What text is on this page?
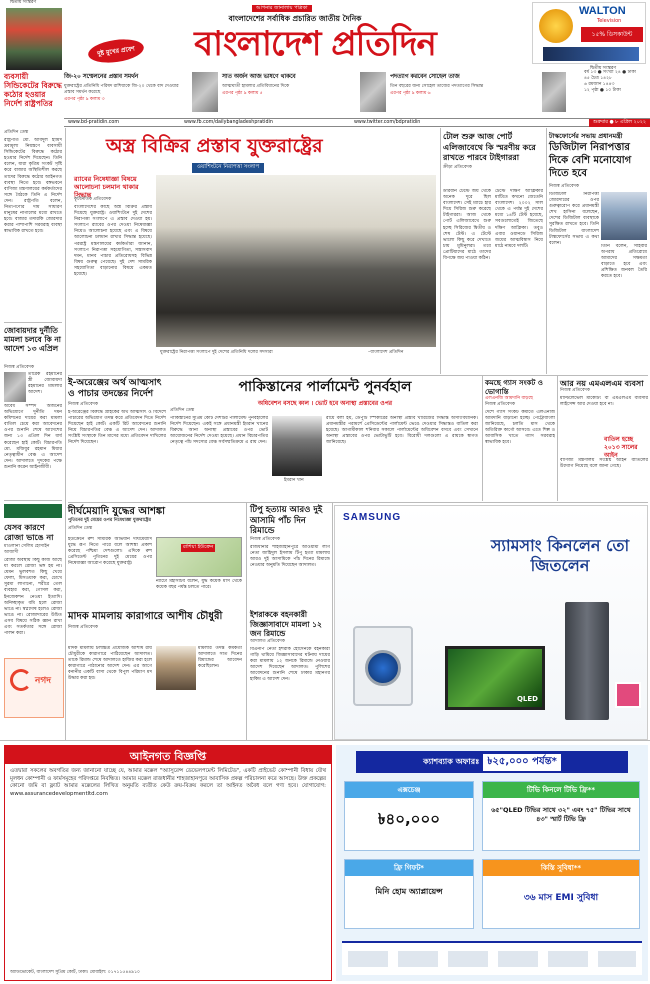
দ্বিতীয় সংস্করণ
দুষ্ট মুখের প্রবেশ
আপনার জানালায় পত্রিকা
বাংলাদেশের সর্বাধিক প্রচারিত জাতীয় দৈনিক
বাংলাদেশ প্রতিদিন
WALTON
Television
১৫% ডিসকাউন্ট
দ্বিতীয় সংস্করণ
জি-২০ সম্মেলনের প্রস্তাব সমর্থন
যুক্তরাষ্ট্রের প্রতিনিধি পরিষদ রাশিয়াকে জি-২০ থেকে বাদ দেওয়ার প্রস্তাব সমর্থন করেছে
এরপর পৃষ্ঠা ৯ কলাম ৩
সাত অর্জন আজ ভাষণে থাকবে
আত্মঘাতী হামলার প্রতিবিধানের দিকে
এরপর পৃষ্ঠা ৯ কলাম ৫
পদত্যাগ করবেন সোহেল তাজ
তিন বছরের জন্য সোহেল তাজের পদত্যাগের সিদ্ধান্ত
এরপর পৃষ্ঠা ৯ কলাম ৬
বর্ষ ১৩ ● সংখ্যা ২৪ ● ঢাকা
৪৫ চৈত্র ১৪২৮
৬ রমজান ১৪৪৩
১২ পৃষ্ঠা ● ১০ টাকা
www.bd-pratidin.com	www.fb.com/dailybangladeshpratidin	www.twitter.com/bdpratidin	শুক্রবার ● ৮ এপ্রিল ২০২২
ব্যবসায়ী সিন্ডিকেটের বিরুদ্ধে কঠোর হওয়ার নির্দেশ রাষ্ট্রপতির
প্রতিদিন ডেস্ক
রাষ্ট্রপতি মো. আবদুল হামিদ দ্রব্যমূল্য নিয়ন্ত্রণে ব্যবসায়ী সিন্ডিকেটের বিরুদ্ধে কঠোর হওয়ার নির্দেশ দিয়েছেন। তিনি বলেন, যারা কৃত্রিম সংকট সৃষ্টি করে বাজার অস্থিতিশীল করছে তাদের বিরুদ্ধে কঠোর আইনগত ব্যবস্থা নিতে হবে। বঙ্গভবনে বাণিজ্য মন্ত্রণালয়ের কর্মকর্তাদের সঙ্গে বৈঠকে তিনি এ নির্দেশ দেন। রাষ্ট্রপতি বলেন, নিত্যপণ্যের দাম সাধারণ মানুষের নাগালের মধ্যে রাখতে হবে। বাজার তদারকি জোরদার করার পাশাপাশি সরবরাহ ব্যবস্থা স্বাভাবিক রাখতে হবে।
জোবায়দার দুর্নীতি মামলা চলবে কি না আদেশ ১৩ এপ্রিল
নিজস্ব প্রতিবেদক
তারেক রহমানের স্ত্রী জোবায়দা রহমানের মামলার আদেশ।
অবৈধ সম্পদ অর্জনের অভিযোগে দুর্নীতি দমন কমিশনের দায়ের করা মামলা বাতিল চেয়ে করা আবেদনের ওপর শুনানি শেষে আদেশের জন্য ১৩ এপ্রিল দিন ধার্য করেছেন হাই কোর্ট। বিচারপতি মো. মজিবুর রহমান মিয়ার নেতৃত্বাধীন বেঞ্চ এ আদেশ দেন। আদালতে দুদকের পক্ষে শুনানি করেন আইনজীবী।
যেসব কারণে রোজা ভাঙে না
মাওলানা সেলিম হোসাইন আজাদী
রোজা অবস্থায় কিছু কাজ আছে যা করলে রোজা ভঙ্গ হয় না। যেমন ভুলবশত কিছু খেয়ে ফেলা, মিসওয়াক করা, চোখে সুরমা লাগানো, শরীরে তেল ব্যবহার করা, গোসল করা, ইনজেকশন নেওয়া ইত্যাদি। অনিচ্ছাকৃত বমি হলে রোজা ভাঙে না। স্বপ্নদোষ হলেও রোজা ভাঙে না। রোজাদারের উচিত এসব বিষয়ে সঠিক জ্ঞান রাখা এবং সতর্কতার সঙ্গে রোজা পালন করা।
নগদ
অস্ত্র বিক্রির প্রস্তাব যুক্তরাষ্ট্রের
ওয়াশিংটনে নিরাপত্তা সংলাপ
র‍্যাবের নিষেধাজ্ঞা বিষয়ে আলোচনা চলমান থাকার সিদ্ধান্ত
কূটনৈতিক প্রতিবেদক
বাংলাদেশের কাছে অস্ত্র বিক্রির প্রস্তাব দিয়েছে যুক্তরাষ্ট্র। ওয়াশিংটনে দুই দেশের নিরাপত্তা সংলাপে এ প্রস্তাব দেওয়া হয়। সংলাপে র‍্যাবের ওপর দেওয়া নিষেধাজ্ঞা নিয়েও আলোচনা হয়েছে এবং এ বিষয়ে আলোচনা চলমান রাখার সিদ্ধান্ত হয়েছে। পররাষ্ট্র মন্ত্রণালয়ের কর্মকর্তারা জানান, সংলাপে নিরাপত্তা সহযোগিতা, সন্ত্রাসবাদ দমন, মানব পাচার প্রতিরোধসহ বিভিন্ন বিষয় গুরুত্ব পেয়েছে। দুই দেশ সামরিক সহযোগিতা বাড়ানোর বিষয়ে একমত হয়েছে।
যুক্তরাষ্ট্রের নিরাপত্তা সংলাপে দুই দেশের প্রতিনিধি দলের সদস্যরা	–বাংলাদেশ প্রতিদিন
টোল শুরু আজ পোর্ট এলিজাবেথে কি স্মরণীয় করে রাখতে পারবে টাইগাররা
ক্রীড়া প্রতিবেদক
ডারবান টেস্টে জয় থেকে অনেক দূরে ছিল বাংলাদেশ। সেই ম্যাচে হার দিয়ে সিরিজ শুরু করেছে টাইগাররা। আজ থেকে পোর্ট এলিজাবেথে শুরু হচ্ছে সিরিজের দ্বিতীয় ও শেষ টেস্ট। এ টেস্টে ভালো কিছু করে দেখাতে চায় মুমিনুলরা। তবে প্রোটিয়াদের মাঠে তাদের বিপক্ষে জয় পাওয়া কঠিন।
টেস্টে দক্ষিণ আফ্রিকার মাটিতে কখনো জেতেনি বাংলাদেশ। ২০০২ সাল থেকে এ পর্যন্ত দুই দেশের মধ্যে ১৪টি টেস্ট হয়েছে, সবগুলোতেই জিতেছে দক্ষিণ আফ্রিকা। তবুও এবার ওয়ানডে সিরিজ জয়ের আত্মবিশ্বাস নিয়ে মাঠে নামবে দলটি।
টাস্কফোর্সের সভায় প্রধানমন্ত্রী
ডিজিটাল নিরাপত্তার দিকে বেশি মনোযোগ দিতে হবে
নিজস্ব প্রতিবেদক
ডিজিটাল নিরাপত্তা জোরদারের ওপর গুরুত্বারোপ করে প্রধানমন্ত্রী শেখ হাসিনা বলেছেন, দেশের ডিজিটাল ব্যবস্থাকে সুরক্ষিত রাখতে হবে। তিনি ডিজিটাল বাংলাদেশ টাস্কফোর্সের সভায় এ কথা বলেন।
তিনি বলেন, সাইবার অপরাধ প্রতিরোধে আমাদের সক্ষমতা বাড়াতে হবে এবং প্রশিক্ষিত জনবল তৈরি করতে হবে।
ই-অরেঞ্জের অর্থ আত্মসাৎ ও পাচার তদন্তের নির্দেশ
নিজস্ব প্রতিবেদক
ই-অরেঞ্জের বিরুদ্ধে গ্রাহকের অর্থ আত্মসাৎ ও বিদেশে পাচারের অভিযোগ তদন্ত করে প্রতিবেদন দিতে নির্দেশ দিয়েছেন হাই কোর্ট। একটি রিট আবেদনের শুনানি নিয়ে বিচারপতির বেঞ্চ এ আদেশ দেন। আদালত সংশ্লিষ্ট সংস্থাকে তিন মাসের মধ্যে প্রতিবেদন দাখিলের নির্দেশ দিয়েছেন।
পাকিস্তানের পার্লামেন্ট পুনর্বহাল
অধিবেশন বসছে কাল । ভোট হবে অনাস্থা প্রস্তাবের ওপর
প্রতিদিন ডেস্ক
পাকিস্তানের সুপ্রিম কোর্ট দেশটির পার্লামেন্ট পুনর্বহালের নির্দেশ দিয়েছেন। একই সঙ্গে প্রধানমন্ত্রী ইমরান খানের বিরুদ্ধে আনা অনাস্থা প্রস্তাবের ওপর ভোট আয়োজনের নির্দেশ দেওয়া হয়েছে। প্রধান বিচারপতির নেতৃত্বে পাঁচ সদস্যের বেঞ্চ সর্বসম্মতিক্রমে এ রায় দেন।
ইমরান খান
রায়ে বলা হয়, ডেপুটি স্পিকারের অনাস্থা প্রস্তাব খারিজের সিদ্ধান্ত অসাংবিধানিক। প্রধানমন্ত্রীর পরামর্শে প্রেসিডেন্টের পার্লামেন্ট ভেঙে দেওয়ার সিদ্ধান্তও বাতিল করা হয়েছে। আগামীকাল শনিবার সকালে পার্লামেন্টের অধিবেশন বসবে এবং সেখানে অনাস্থা প্রস্তাবের ওপর ভোটাভুটি হবে। বিরোধী দলগুলো এ রায়কে স্বাগত জানিয়েছে।
কমছে গ্যাস সংকট ও ভোগান্তি
এলএনজি আমদানি বাড়ছে
নিজস্ব প্রতিবেদক
দেশে গ্যাস সংকট কমাতে এলএনজি আমদানি বাড়ানো হচ্ছে। পেট্রোবাংলা জানিয়েছে, চলতি মাস থেকে অতিরিক্ত কার্গো আসবে। এতে শিল্প ও আবাসিক খাতে গ্যাস সরবরাহ স্বাভাবিক হবে।
আর নয় এমএলএম ব্যবসা
নিজস্ব প্রতিবেদক
মাল্টিলেভেল মার্কেটিং বা এমএলএম ব্যবসার লাইসেন্স আর দেওয়া হবে না।
বাতিল হচ্ছে ২০১৩ সালের আইন
বাণিজ্য মন্ত্রণালয় সংশ্লিষ্ট আইন বাতিলের উদ্যোগ নিয়েছে বলে জানা গেছে।
দীর্ঘমেয়াদি যুদ্ধের আশঙ্কা
পুতিনের দুই মেয়ের ওপর নিষেধাজ্ঞা যুক্তরাষ্ট্রের
প্রতিদিন ডেস্ক
ইউক্রেনে রুশ সামরিক অভিযান দীর্ঘমেয়াদি যুদ্ধে রূপ নিতে পারে বলে আশঙ্কা প্রকাশ করেছে পশ্চিমা দেশগুলো। এদিকে রুশ প্রেসিডেন্ট পুতিনের দুই মেয়ের ওপর নিষেধাজ্ঞা আরোপ করেছে যুক্তরাষ্ট্র।
রাশিয়া ইউক্রেন
ন্যাটো মহাসচিব বলেন, যুদ্ধ কয়েক মাস থেকে কয়েক বছর পর্যন্ত চলতে পারে।
টিপু হত্যায় আরও দুই আসামি পাঁচ দিন রিমান্ডে
নিজস্ব প্রতিবেদক
রাজধানীর শাহজাহানপুরে আওয়ামী লীগ নেতা জাহিদুল ইসলাম টিপু হত্যা মামলায় আরও দুই আসামিকে পাঁচ দিনের রিমান্ডে নেওয়ার অনুমতি দিয়েছেন আদালত।
মাদক মামলায় কারাগারে আশীষ চৌধুরী
নিজস্ব প্রতিবেদক
মাদক মামলায় চলচ্চিত্র প্রযোজক আশীষ রায় চৌধুরীকে কারাগারে পাঠিয়েছেন আদালত। তাকে রিমান্ড শেষে আদালতে হাজির করা হলে কারাগারে পাঠানোর আদেশ দেন। এর আগে বনানীর একটি বাসা থেকে বিপুল পরিমাণ মদ উদ্ধার করা হয়।
মামলার তদন্ত কর্মকর্তা আদালতে সাত দিনের রিমান্ডের আবেদন করেছিলেন।
ইশরাককে বহনকারী জিজ্ঞাসাবাদে মামলা ১২ জন রিমান্ডে
আদালত প্রতিবেদক
বিএনপি নেতা ইশরাক হোসেনকে বহনকারী গাড়ি থামিয়ে জিজ্ঞাসাবাদের ঘটনায় দায়ের করা মামলায় ১২ জনকে রিমান্ডে নেওয়ার আদেশ দিয়েছেন আদালত। পুলিশের আবেদনের শুনানি শেষে ঢাকার মহানগর হাকিম এ আদেশ দেন।
SAMSUNG
স্যামসাং কিনলেন তো জিতলেন
QLED
আইনগত বিজ্ঞপ্তি
এতদ্বারা সকলের অবগতির জন্য জানানো যাচ্ছে যে, আমার মক্কেল "অ্যাসুরেন্স ডেভেলপমেন্ট লিমিটেড", একটি প্রাইভেট কোম্পানী বিধায় যৌথ মূলধন কোম্পানী ও ফার্মসমূহের পরিদপ্তরে নিবন্ধিত। আমার মক্কেল রাজধানীর শাহজাহানপুরে আবাসিক প্রকল্প পরিচালনা করে আসছে। উক্ত প্রকল্পের কোনো জমি বা ফ্ল্যাট আমার মক্কেলের লিখিত অনুমতি ব্যতীত কেউ ক্রয়-বিক্রয় করলে তা আইনত অবৈধ বলে গণ্য হবে। যোগাযোগ: www.assurancedevelopmentltd.com
অ্যাডভোকেট, বাংলাদেশ সুপ্রিম কোর্ট, ঢাকা। মোবাইল: ০১৭১১৫৪৪৯১০
ক্যাশব্যাক অফারঃ ৳২৫,০০০ পর্যন্ত*
এক্সচেঞ্জ
৳৪০,০০০
টিভি কিনলে টিভি ফ্রি**
৬৫"QLED টিভির সাথে ৩২" এবং ৭৫" টিভির সাথে ৪৩" স্মার্ট টিভি ফ্রি
ফ্রি গিফট*
মিনি হোম অ্যাপ্লায়েন্স
কিস্তি সুবিধা**
৩৬ মাস EMI সুবিধা
